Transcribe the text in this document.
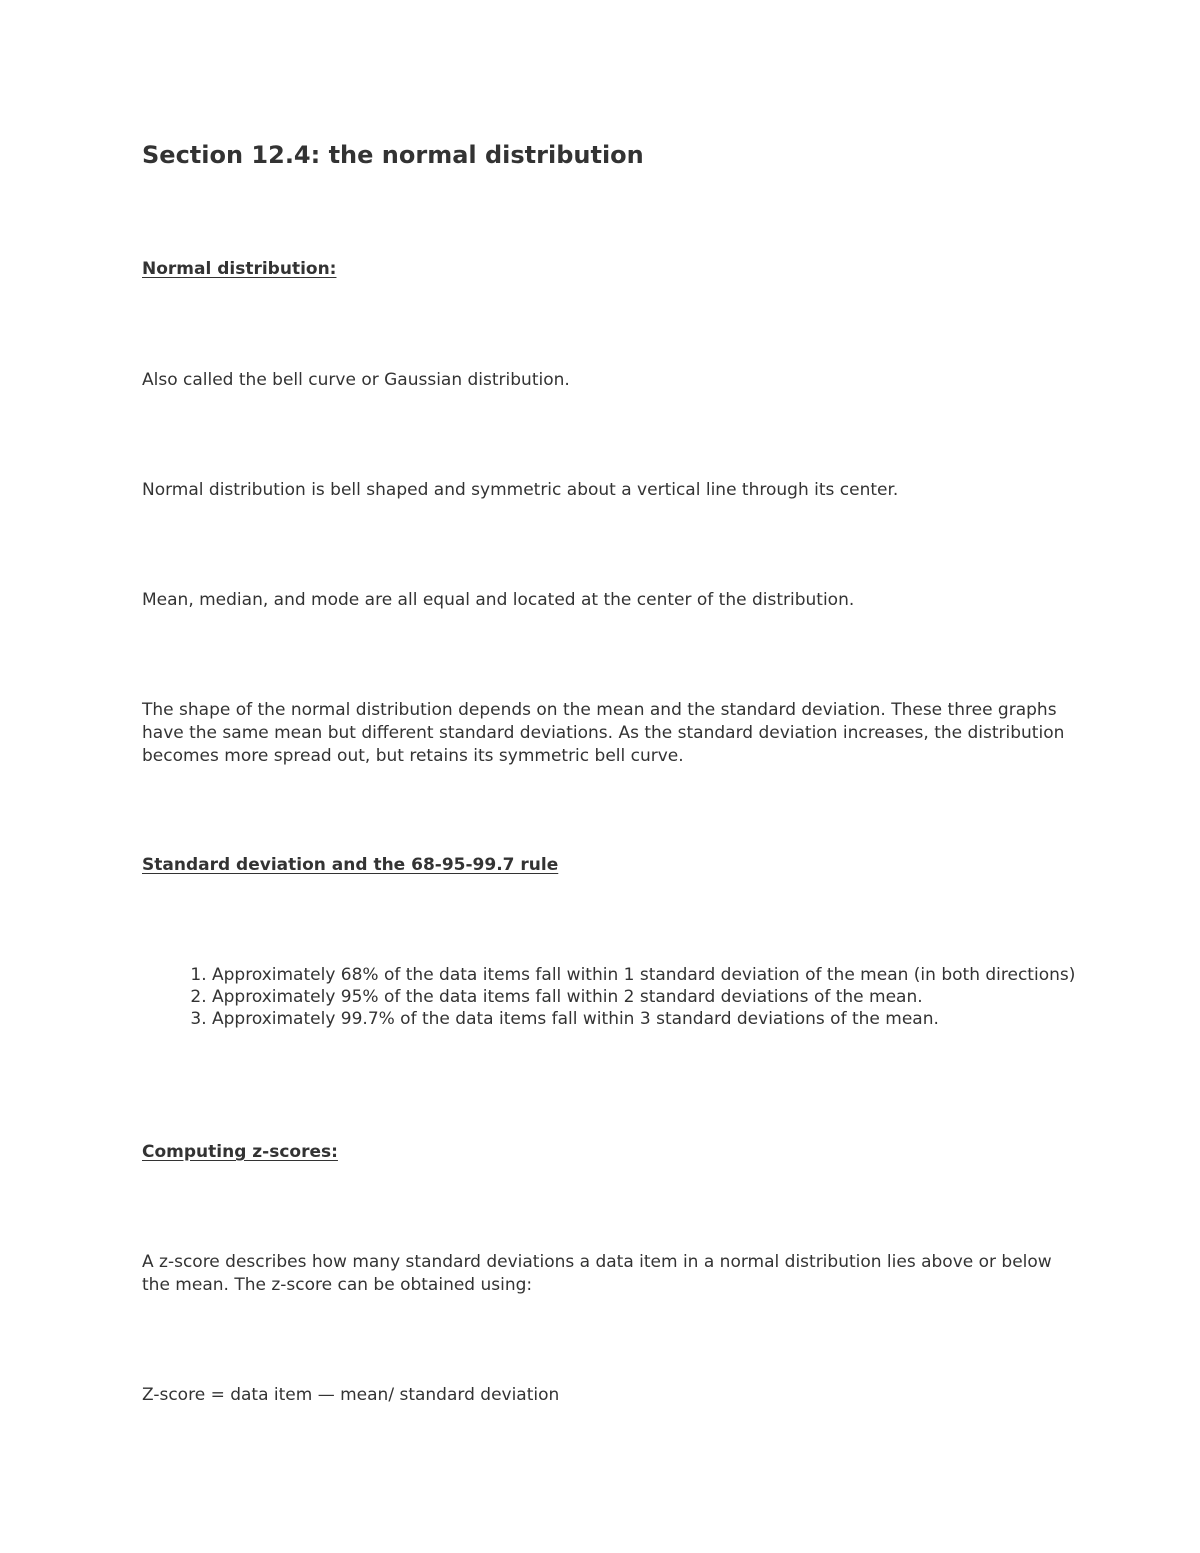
Section 12.4: the normal distribution

Normal distribution:

Also called the bell curve or Gaussian distribution.

Normal distribution is bell shaped and symmetric about a vertical line through its center.

Mean, median, and mode are all equal and located at the center of the distribution.

The shape of the normal distribution depends on the mean and the standard deviation. These three graphs have the same mean but different standard deviations. As the standard deviation increases, the distribution becomes more spread out, but retains its symmetric bell curve.

Standard deviation and the 68-95-99.7 rule

1. Approximately 68% of the data items fall within 1 standard deviation of the mean (in both directions)
2. Approximately 95% of the data items fall within 2 standard deviations of the mean.
3. Approximately 99.7% of the data items fall within 3 standard deviations of the mean.

Computing z-scores:

A z-score describes how many standard deviations a data item in a normal distribution lies above or below the mean. The z-score can be obtained using:

Z-score = data item — mean/ standard deviation
